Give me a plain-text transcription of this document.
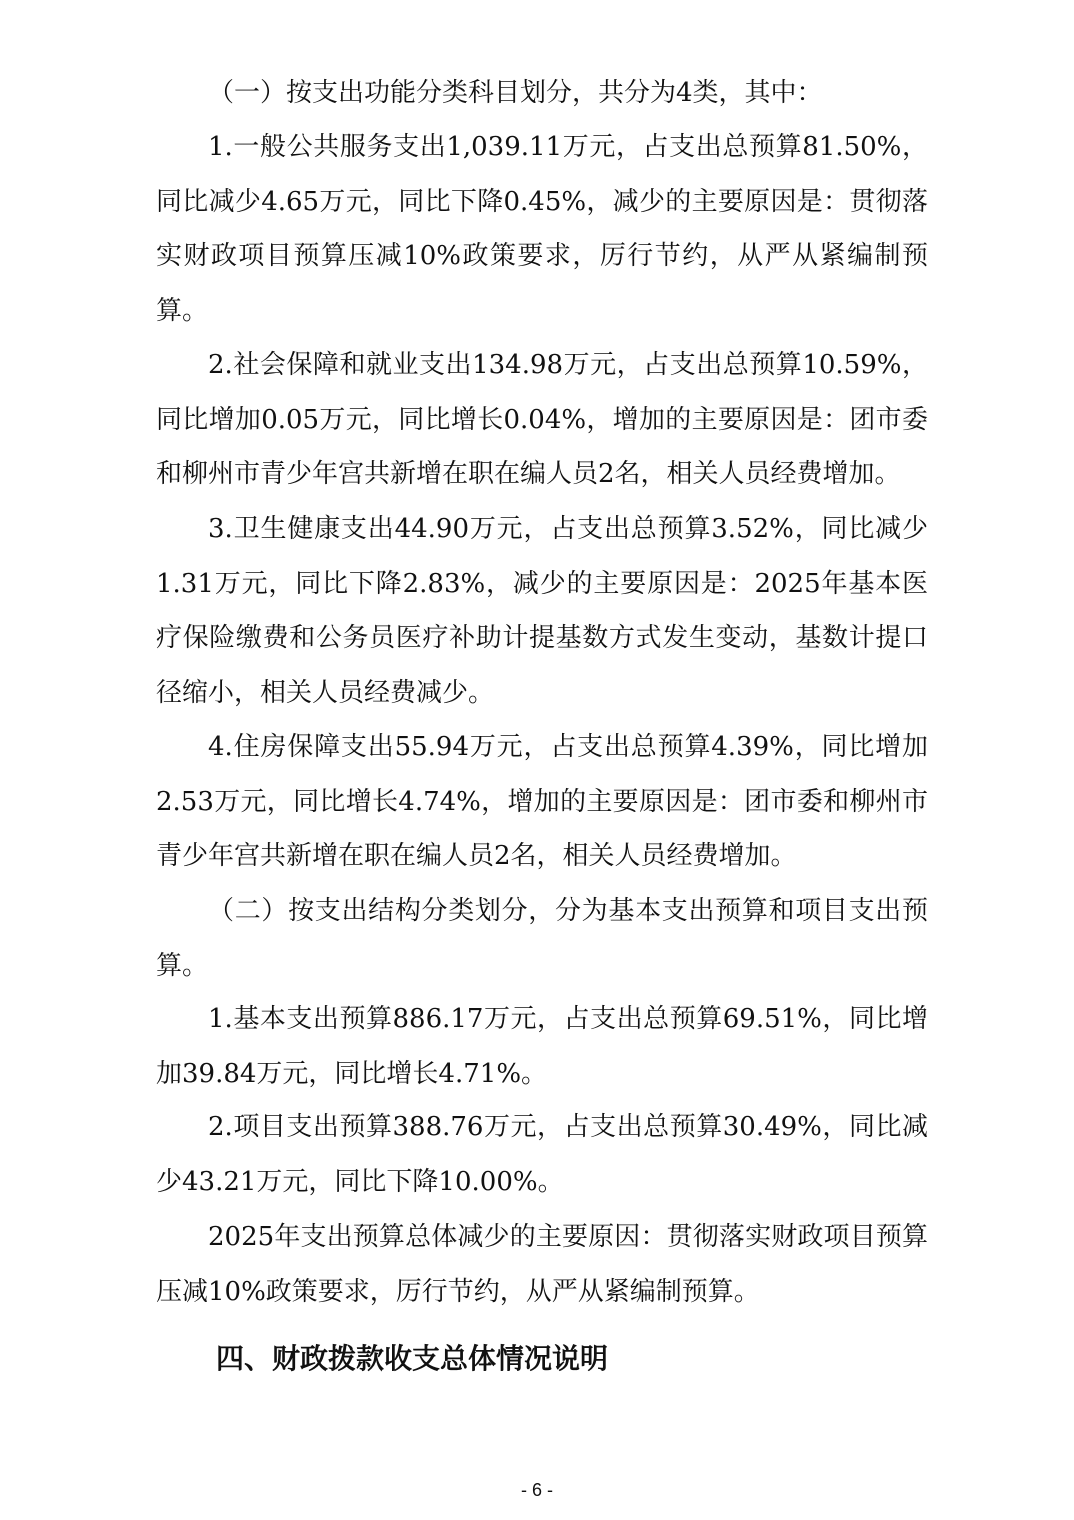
（一）按支出功能分类科目划分，共分为4类，其中：

1.一般公共服务支出1,039.11万元，占支出总预算81.50%，同比减少4.65万元，同比下降0.45%，减少的主要原因是：贯彻落实财政项目预算压减10%政策要求，厉行节约，从严从紧编制预算。

2.社会保障和就业支出134.98万元，占支出总预算10.59%，同比增加0.05万元，同比增长0.04%，增加的主要原因是：团市委和柳州市青少年宫共新增在职在编人员2名，相关人员经费增加。

3.卫生健康支出44.90万元，占支出总预算3.52%，同比减少1.31万元，同比下降2.83%，减少的主要原因是：2025年基本医疗保险缴费和公务员医疗补助计提基数方式发生变动，基数计提口径缩小，相关人员经费减少。

4.住房保障支出55.94万元，占支出总预算4.39%，同比增加2.53万元，同比增长4.74%，增加的主要原因是：团市委和柳州市青少年宫共新增在职在编人员2名，相关人员经费增加。

（二）按支出结构分类划分，分为基本支出预算和项目支出预算。

1.基本支出预算886.17万元，占支出总预算69.51%，同比增加39.84万元，同比增长4.71%。

2.项目支出预算388.76万元，占支出总预算30.49%，同比减少43.21万元，同比下降10.00%。

2025年支出预算总体减少的主要原因：贯彻落实财政项目预算压减10%政策要求，厉行节约，从严从紧编制预算。

四、财政拨款收支总体情况说明
- 6 -
